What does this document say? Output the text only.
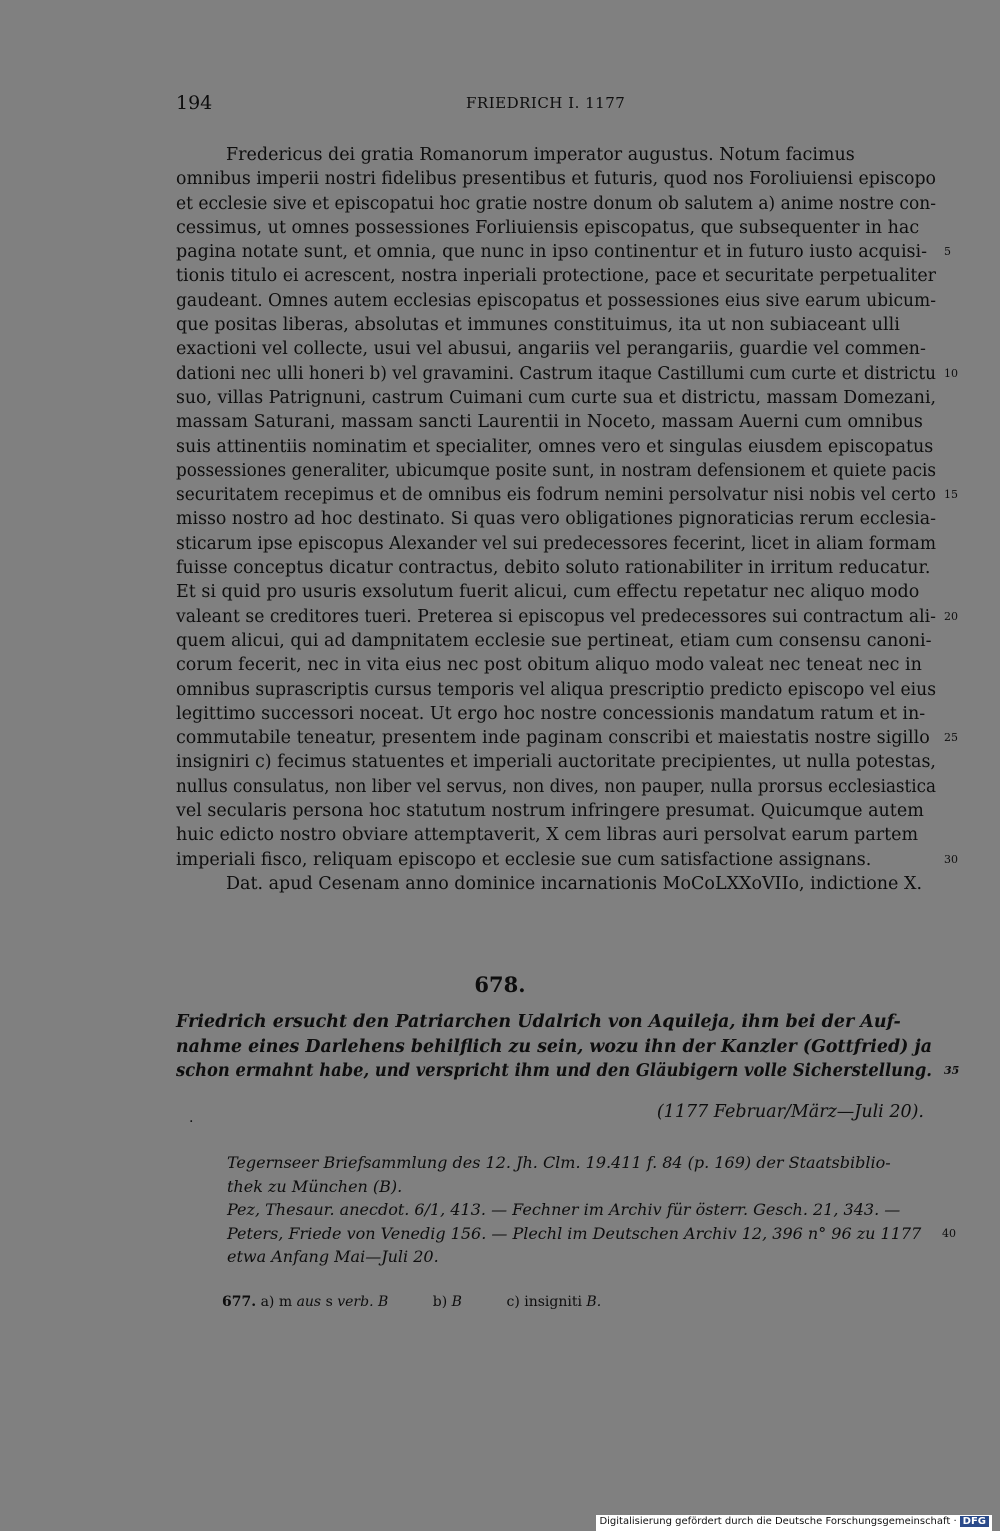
194	FRIEDRICH I. 1177
Fredericus dei gratia Romanorum imperator augustus. Notum facimus
omnibus imperii nostri fidelibus presentibus et futuris, quod nos Foroliuiensi episcopo
et ecclesie sive et episcopatui hoc gratie nostre donum ob salutem a) anime nostre con-
cessimus, ut omnes possessiones Forliuiensis episcopatus, que subsequenter in hac
pagina notate sunt, et omnia, que nunc in ipso continentur et in futuro iusto acquisi- 5
tionis titulo ei acrescent, nostra inperiali protectione, pace et securitate perpetualiter
gaudeant. Omnes autem ecclesias episcopatus et possessiones eius sive earum ubicum-
que positas liberas, absolutas et immunes constituimus, ita ut non subiaceant ulli
exactioni vel collecte, usui vel abusui, angariis vel perangariis, guardie vel commen-
dationi nec ulli honeri b) vel gravamini. Castrum itaque Castillumi cum curte et districtu 10
suo, villas Patrignuni, castrum Cuimani cum curte sua et districtu, massam Domezani,
massam Saturani, massam sancti Laurentii in Noceto, massam Auerni cum omnibus
suis attinentiis nominatim et specialiter, omnes vero et singulas eiusdem episcopatus
possessiones generaliter, ubicumque posite sunt, in nostram defensionem et quiete pacis
securitatem recepimus et de omnibus eis fodrum nemini persolvatur nisi nobis vel certo 15
misso nostro ad hoc destinato. Si quas vero obligationes pignoraticias rerum ecclesia-
sticarum ipse episcopus Alexander vel sui predecessores fecerint, licet in aliam formam
fuisse conceptus dicatur contractus, debito soluto rationabiliter in irritum reducatur.
Et si quid pro usuris exsolutum fuerit alicui, cum effectu repetatur nec aliquo modo
valeant se creditores tueri. Preterea si episcopus vel predecessores sui contractum ali- 20
quem alicui, qui ad dampnitatem ecclesie sue pertineat, etiam cum consensu canoni-
corum fecerit, nec in vita eius nec post obitum aliquo modo valeat nec teneat nec in
omnibus suprascriptis cursus temporis vel aliqua prescriptio predicto episcopo vel eius
legittimo successori noceat. Ut ergo hoc nostre concessionis mandatum ratum et in-
commutabile teneatur, presentem inde paginam conscribi et maiestatis nostre sigillo 25
insigniri c) fecimus statuentes et imperiali auctoritate precipientes, ut nulla potestas,
nullus consulatus, non liber vel servus, non dives, non pauper, nulla prorsus ecclesiastica
vel secularis persona hoc statutum nostrum infringere presumat. Quicumque autem
huic edicto nostro obviare attemptaverit, X cem libras auri persolvat earum partem
imperiali fisco, reliquam episcopo et ecclesie sue cum satisfactione assignans.	30
Dat. apud Cesenam anno dominice incarnationis MoCoLXXoVIIo, indictione X.
678.
Friedrich ersucht den Patriarchen Udalrich von Aquileja, ihm bei der Auf-
nahme eines Darlehens behilflich zu sein, wozu ihn der Kanzler (Gottfried) ja
schon ermahnt habe, und verspricht ihm und den Gläubigern volle Sicherstellung. 35
.	(1177 Februar/März—Juli 20).
Tegernseer Briefsammlung des 12. Jh. Clm. 19.411 f. 84 (p. 169) der Staatsbiblio-
thek zu München (B).
Pez, Thesaur. anecdot. 6/1, 413. — Fechner im Archiv für österr. Gesch. 21, 343. —
Peters, Friede von Venedig 156. — Plechl im Deutschen Archiv 12, 396 n° 96 zu 1177 40
etwa Anfang Mai—Juli 20.
677. a) m aus s verb. B	b) B	c) insigniti B.
Digitalisierung gefördert durch die Deutsche Forschungsgemeinschaft · DFG
